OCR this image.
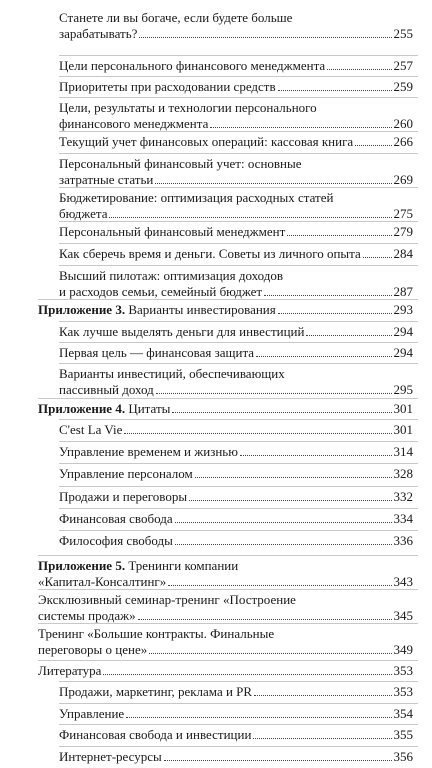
Станете ли вы богаче, если будете больше
зарабатывать?	255
Цели персонального финансового менеджмента	257
Приоритеты при расходовании средств	259
Цели, результаты и технологии персонального
финансового менеджмента	260
Текущий учет финансовых операций: кассовая книга	266
Персональный финансовый учет: основные
затратные статьи	269
Бюджетирование: оптимизация расходных статей
бюджета	275
Персональный финансовый менеджмент	279
Как сберечь время и деньги. Советы из личного опыта	284
Высший пилотаж: оптимизация доходов
и расходов семьи, семейный бюджет	287
Приложение 3. Варианты инвестирования	293
Как лучше выделять деньги для инвестиций	294
Первая цель — финансовая защита	294
Варианты инвестиций, обеспечивающих
пассивный доход	295
Приложение 4. Цитаты	301
C'est La Vie	301
Управление временем и жизнью	314
Управление персоналом	328
Продажи и переговоры	332
Финансовая свобода	334
Философия свободы	336
Приложение 5. Тренинги компании
«Капитал-Консалтинг»	343
Эксклюзивный семинар-тренинг «Построение
системы продаж»	345
Тренинг «Большие контракты. Финальные
переговоры о цене»	349
Литература	353
Продажи, маркетинг, реклама и PR	353
Управление	354
Финансовая свобода и инвестиции	355
Интернет-ресурсы	356
